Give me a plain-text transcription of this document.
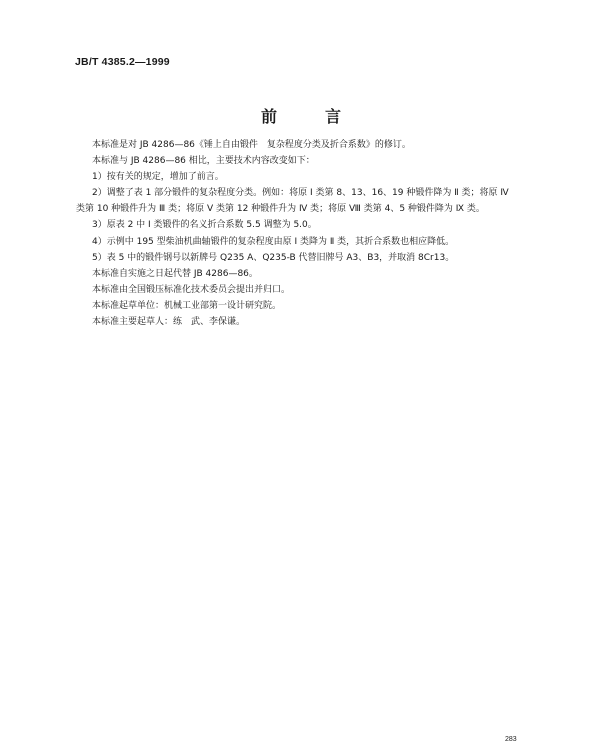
JB/T 4385.2—1999
前言

本标准是对 JB 4286—86《锤上自由锻件　复杂程度分类及折合系数》的修订。

本标准与 JB 4286—86 相比，主要技术内容改变如下：

1）按有关的规定，增加了前言。

2）调整了表 1 部分锻件的复杂程度分类。例如：将原 Ⅰ 类第 8、13、16、19 种锻件降为 Ⅱ 类；将原 Ⅳ

类第 10 种锻件升为 Ⅲ 类；将原 Ⅴ 类第 12 种锻件升为 Ⅳ 类；将原 Ⅷ 类第 4、5 种锻件降为 Ⅸ 类。

3）原表 2 中 Ⅰ 类锻件的名义折合系数 5.5 调整为 5.0。

4）示例中 195 型柴油机曲轴锻件的复杂程度由原 Ⅰ 类降为 Ⅱ 类，其折合系数也相应降低。

5）表 5 中的锻件钢号以新牌号 Q235 A、Q235-B 代替旧牌号 A3、B3，并取消 8Cr13。

本标准自实施之日起代替 JB 4286—86。

本标准由全国锻压标准化技术委员会提出并归口。

本标准起草单位：机械工业部第一设计研究院。

本标准主要起草人：练　武、李保谦。

283
